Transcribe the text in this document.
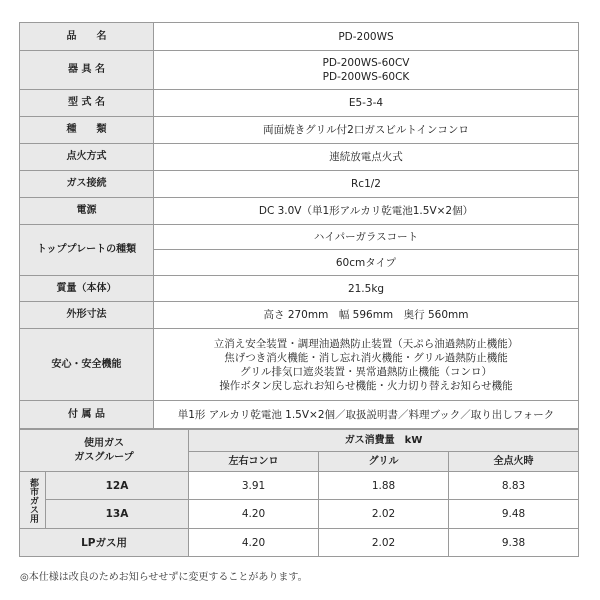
品　　名	PD-200WS
器 具 名	PD-200WS-60CV
PD-200WS-60CK

型 式 名	E5-3-4
種　　類	両面焼きグリル付2口ガスビルトインコンロ
点火方式	連続放電点火式
ガス接続	Rc1/2
電源	DC 3.0V（単1形アルカリ乾電池1.5V×2個）
トッププレートの種類	ハイパーガラスコート
	60cmタイプ
質量（本体）	21.5kg
外形寸法	高さ 270mm　幅 596mm　奥行 560mm
安心・安全機能	立消え安全装置・調理油過熱防止装置（天ぷら油過熱防止機能）
焦げつき消火機能・消し忘れ消火機能・グリル過熱防止機能
グリル排気口遮炎装置・異常過熱防止機能（コンロ）
操作ボタン戻し忘れお知らせ機能・火力切り替えお知らせ機能

付 属 品	単1形 アルカリ乾電池 1.5V×2個／取扱説明書／料理ブック／取り出しフォーク
使用ガス
ガスグループ		ガス消費量　kW		
		左右コンロ	グリル	全点火時
都市ガス用	12A	3.91	1.88	8.83
	13A	4.20	2.02	9.48
LPガス用		4.20	2.02	9.38
◎本仕様は改良のためお知らせせずに変更することがあります。
